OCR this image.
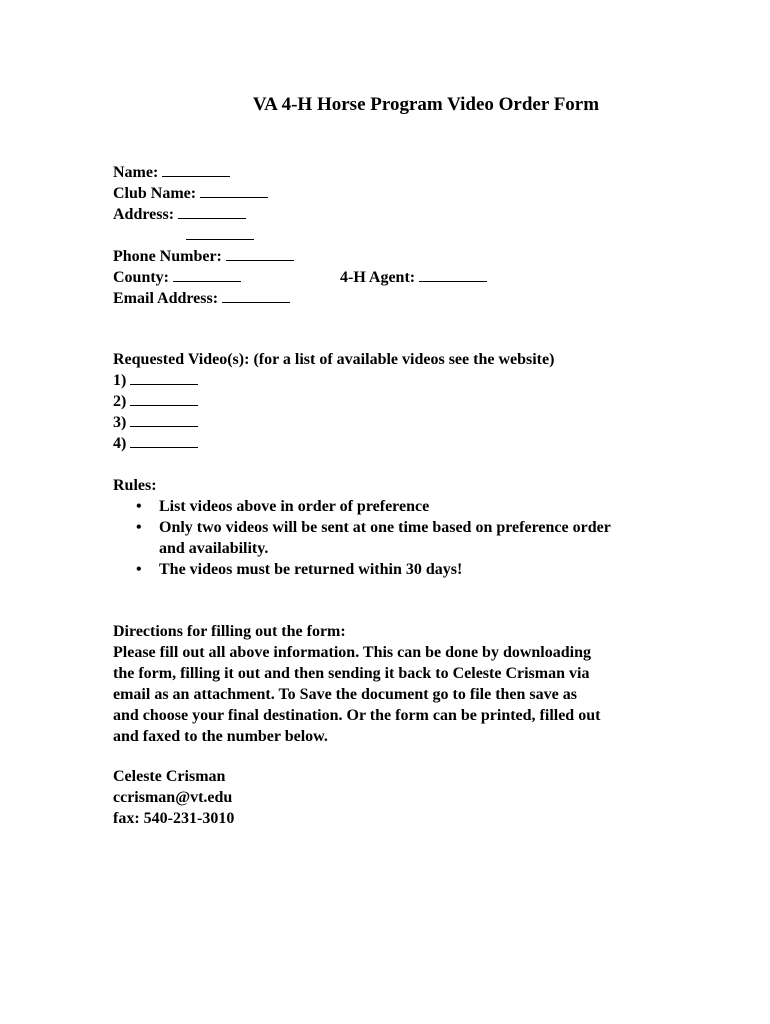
VA 4-H Horse Program Video Order Form
Name:
Club Name:
Address:
Phone Number:
County:	4-H Agent:
Email Address:
Requested Video(s): (for a list of available videos see the website)
1)
2)
3)
4)
Rules:
• List videos above in order of preference
• Only two videos will be sent at one time based on preference order
and availability.
• The videos must be returned within 30 days!
Directions for filling out the form:
Please fill out all above information. This can be done by downloading
the form, filling it out and then sending it back to Celeste Crisman via
email as an attachment. To Save the document go to file then save as
and choose your final destination. Or the form can be printed, filled out
and faxed to the number below.
Celeste Crisman
ccrisman@vt.edu
fax: 540-231-3010
